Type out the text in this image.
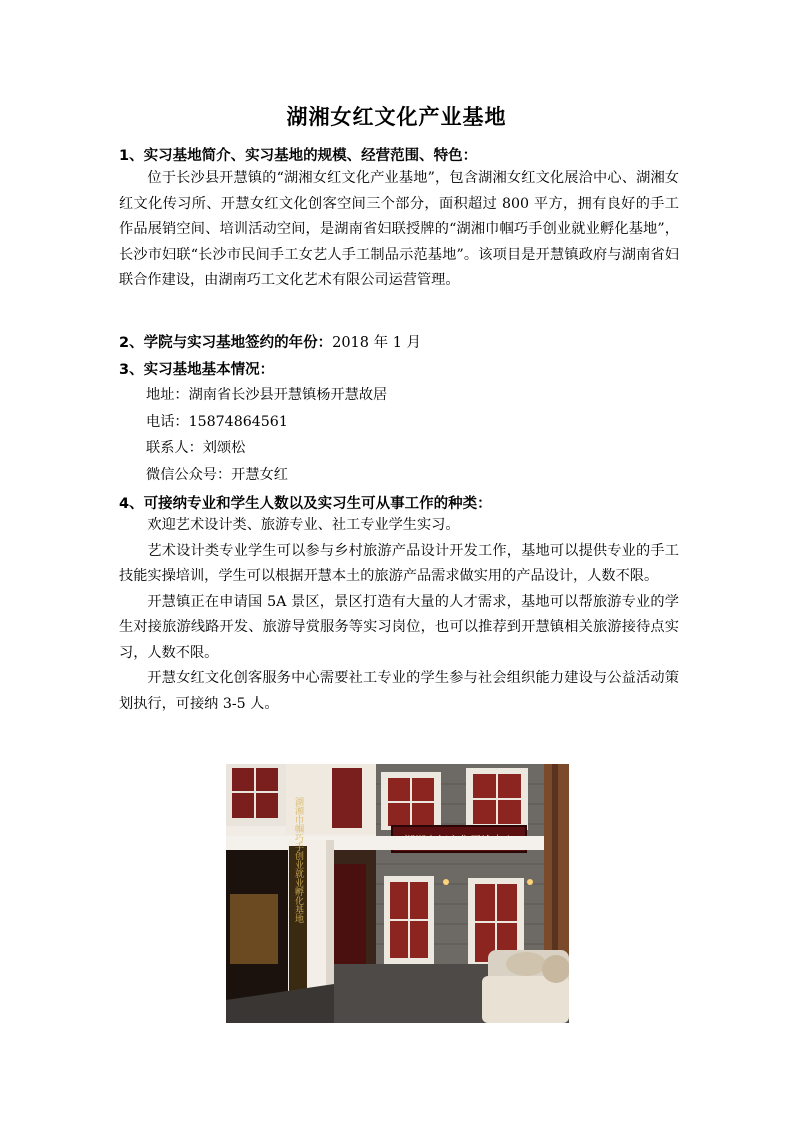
湖湘女红文化产业基地
1、实习基地简介、实习基地的规模、经营范围、特色：

位于长沙县开慧镇的“湖湘女红文化产业基地”，包含湖湘女红文化展洽中心、湖湘女红文化传习所、开慧女红文化创客空间三个部分，面积超过 800 平方，拥有良好的手工作品展销空间、培训活动空间，是湖南省妇联授牌的“湖湘巾帼巧手创业就业孵化基地”，长沙市妇联“长沙市民间手工女艺人手工制品示范基地”。该项目是开慧镇政府与湖南省妇联合作建设，由湖南巧工文化艺术有限公司运营管理。

2、学院与实习基地签约的年份：2018 年 1 月
3、实习基地基本情况：
地址：湖南省长沙县开慧镇杨开慧故居
电话：15874864561
联系人：刘颂松
微信公众号：开慧女红
4、可接纳专业和学生人数以及实习生可从事工作的种类：

欢迎艺术设计类、旅游专业、社工专业学生实习。

艺术设计类专业学生可以参与乡村旅游产品设计开发工作，基地可以提供专业的手工技能实操培训，学生可以根据开慧本土的旅游产品需求做实用的产品设计，人数不限。

开慧镇正在申请国 5A 景区，景区打造有大量的人才需求，基地可以帮旅游专业的学生对接旅游线路开发、旅游导赏服务等实习岗位，也可以推荐到开慧镇相关旅游接待点实习，人数不限。

开慧女红文化创客服务中心需要社工专业的学生参与社会组织能力建设与公益活动策划执行，可接纳 3-5 人。

湖湘巾帼巧手创业就业孵化基地
